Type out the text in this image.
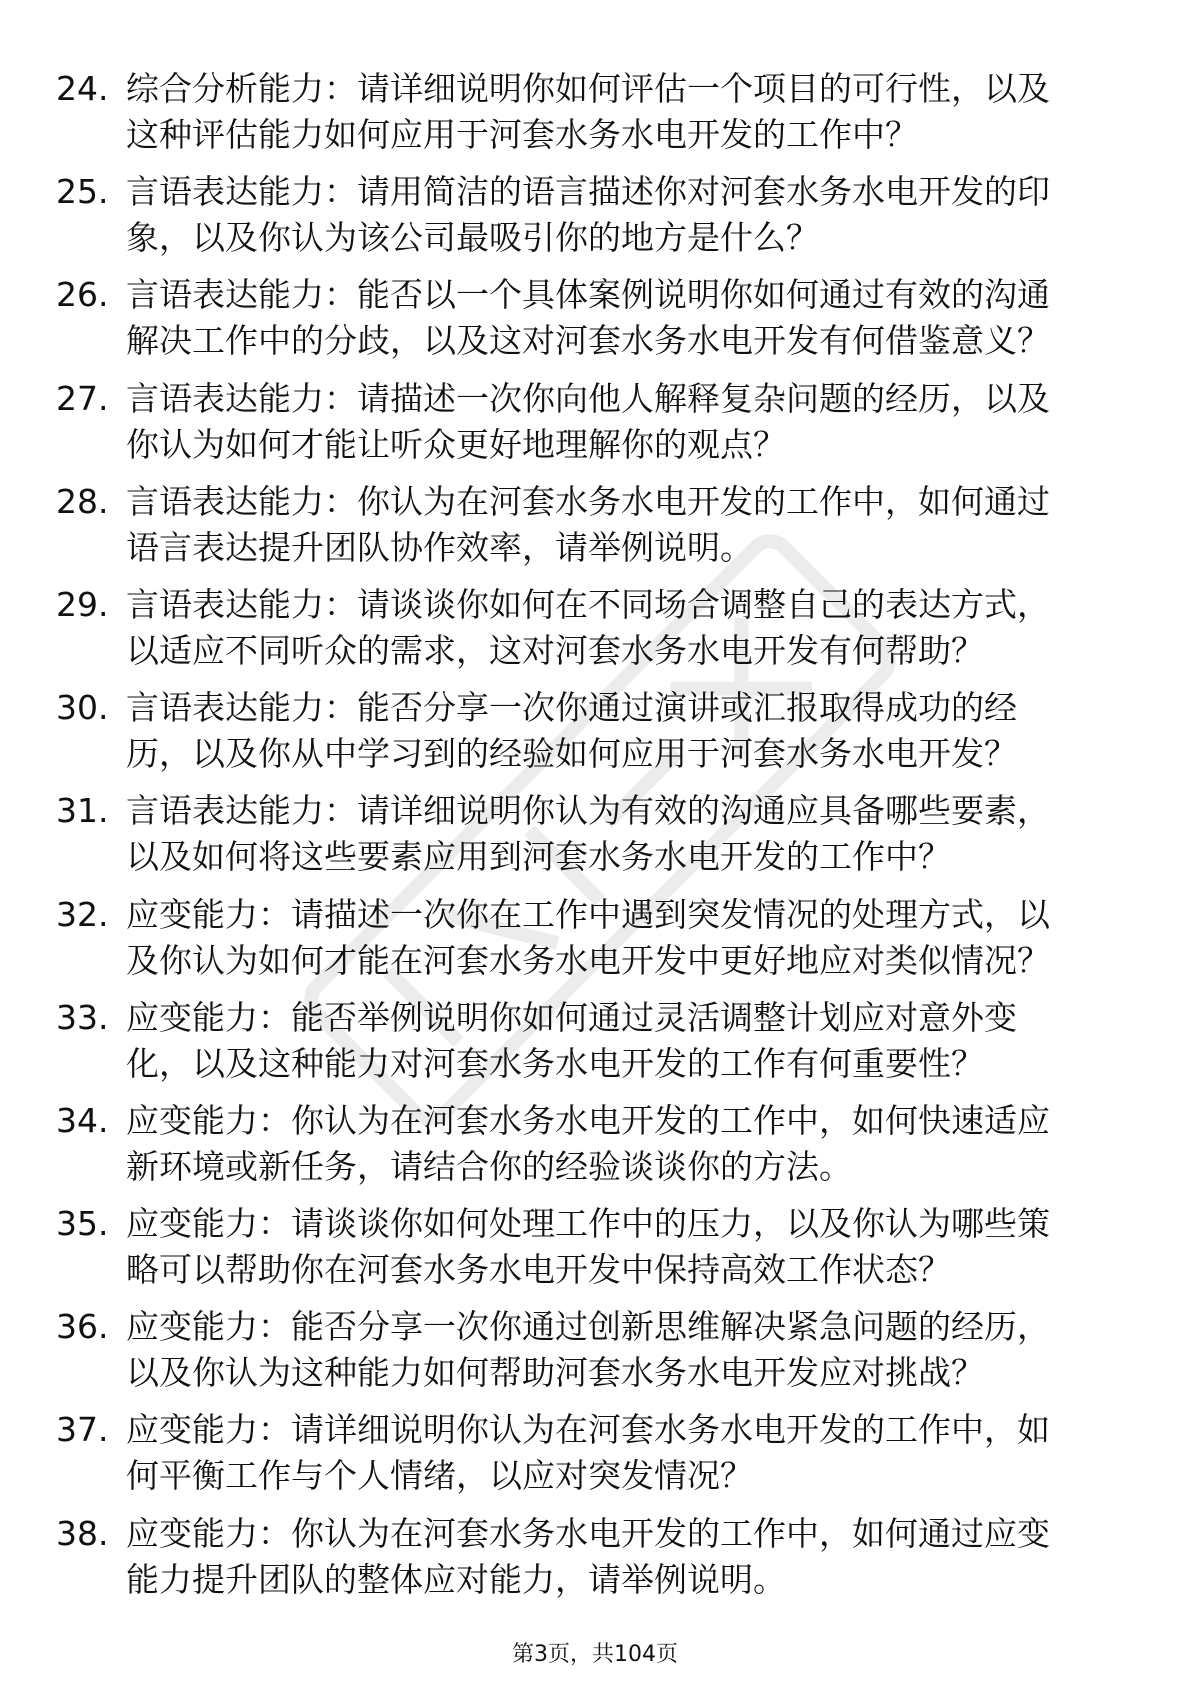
24. 综合分析能力：请详细说明你如何评估一个项目的可行性，以及
这种评估能力如何应用于河套水务水电开发的工作中？
25. 言语表达能力：请用简洁的语言描述你对河套水务水电开发的印
象，以及你认为该公司最吸引你的地方是什么？
26. 言语表达能力：能否以一个具体案例说明你如何通过有效的沟通
解决工作中的分歧，以及这对河套水务水电开发有何借鉴意义？
27. 言语表达能力：请描述一次你向他人解释复杂问题的经历，以及
你认为如何才能让听众更好地理解你的观点？
28. 言语表达能力：你认为在河套水务水电开发的工作中，如何通过
语言表达提升团队协作效率，请举例说明。
29. 言语表达能力：请谈谈你如何在不同场合调整自己的表达方式，
以适应不同听众的需求，这对河套水务水电开发有何帮助？
30. 言语表达能力：能否分享一次你通过演讲或汇报取得成功的经
历，以及你从中学习到的经验如何应用于河套水务水电开发？
31. 言语表达能力：请详细说明你认为有效的沟通应具备哪些要素，
以及如何将这些要素应用到河套水务水电开发的工作中？
32. 应变能力：请描述一次你在工作中遇到突发情况的处理方式，以
及你认为如何才能在河套水务水电开发中更好地应对类似情况？
33. 应变能力：能否举例说明你如何通过灵活调整计划应对意外变
化，以及这种能力对河套水务水电开发的工作有何重要性？
34. 应变能力：你认为在河套水务水电开发的工作中，如何快速适应
新环境或新任务，请结合你的经验谈谈你的方法。
35. 应变能力：请谈谈你如何处理工作中的压力，以及你认为哪些策
略可以帮助你在河套水务水电开发中保持高效工作状态？
36. 应变能力：能否分享一次你通过创新思维解决紧急问题的经历，
以及你认为这种能力如何帮助河套水务水电开发应对挑战？
37. 应变能力：请详细说明你认为在河套水务水电开发的工作中，如
何平衡工作与个人情绪，以应对突发情况？
38. 应变能力：你认为在河套水务水电开发的工作中，如何通过应变
能力提升团队的整体应对能力，请举例说明。
第3页，共104页
